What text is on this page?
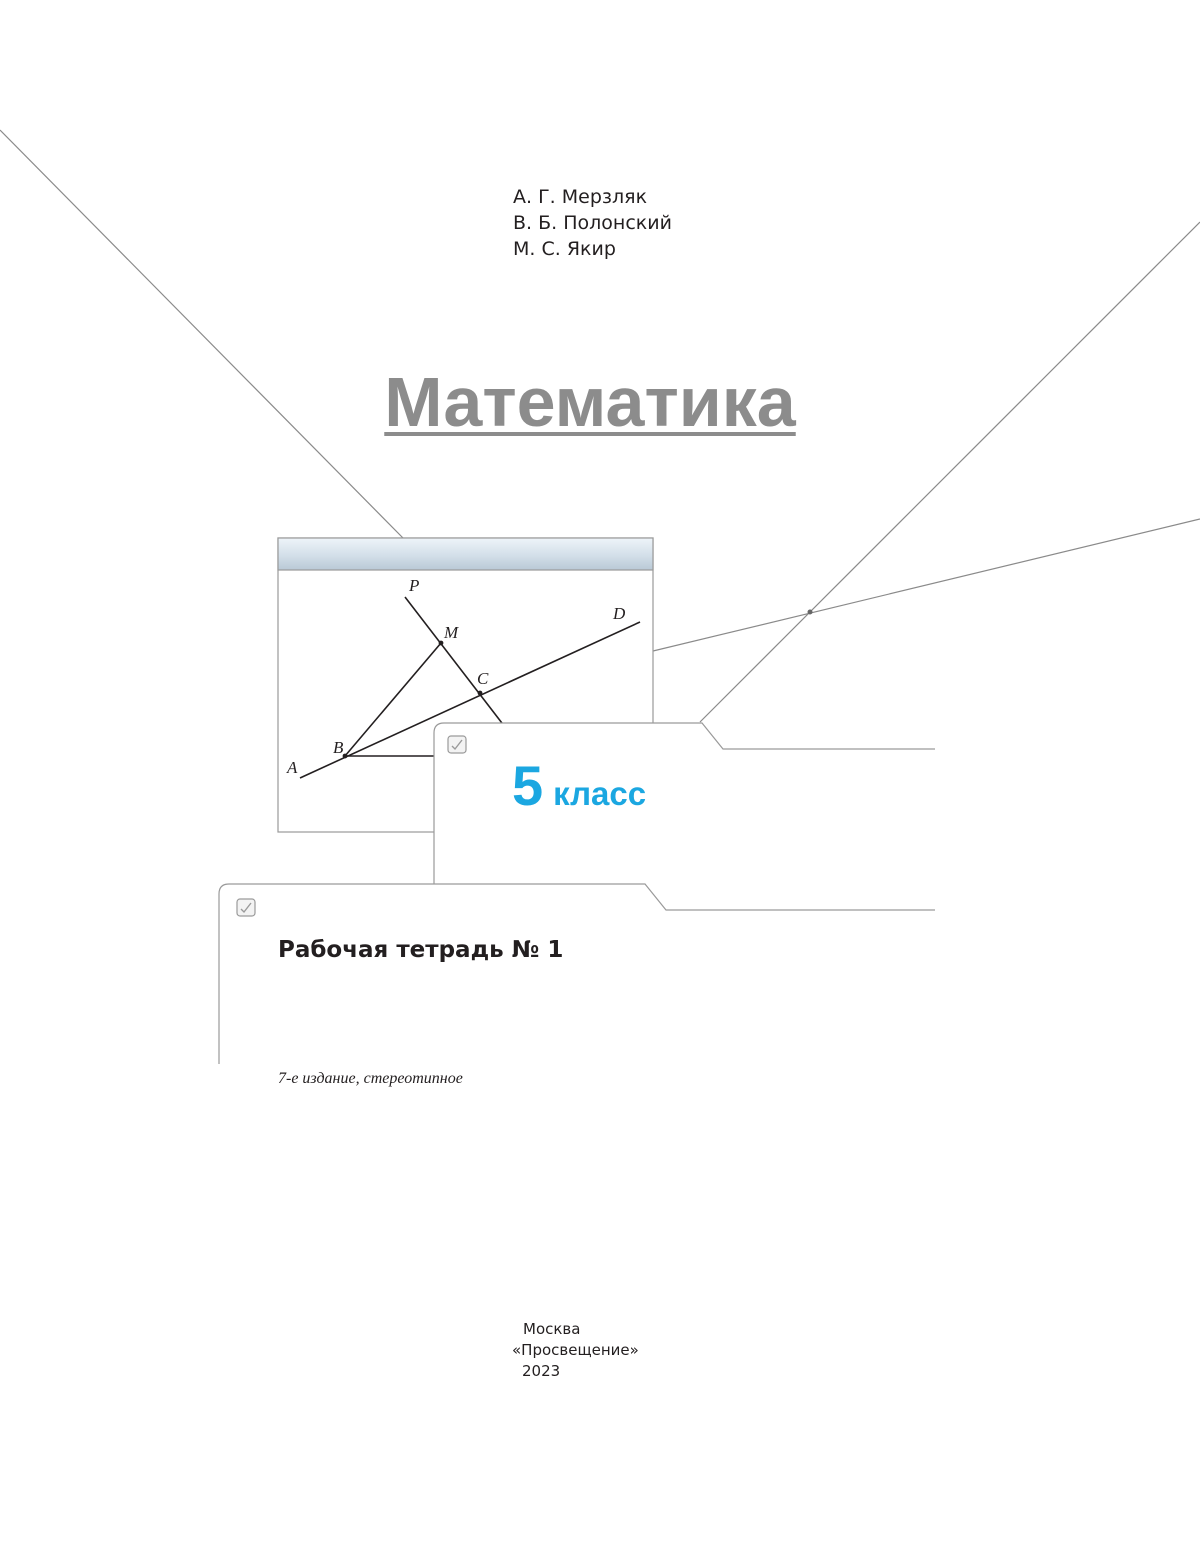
P
M
D
C
B
A
А. Г. Мерзляк
В. Б. Полонский
М. С. Якир
Математика
5 класс
Рабочая тетрадь № 1
7-е издание, стереотипное
Москва
«Просвещение»
2023
